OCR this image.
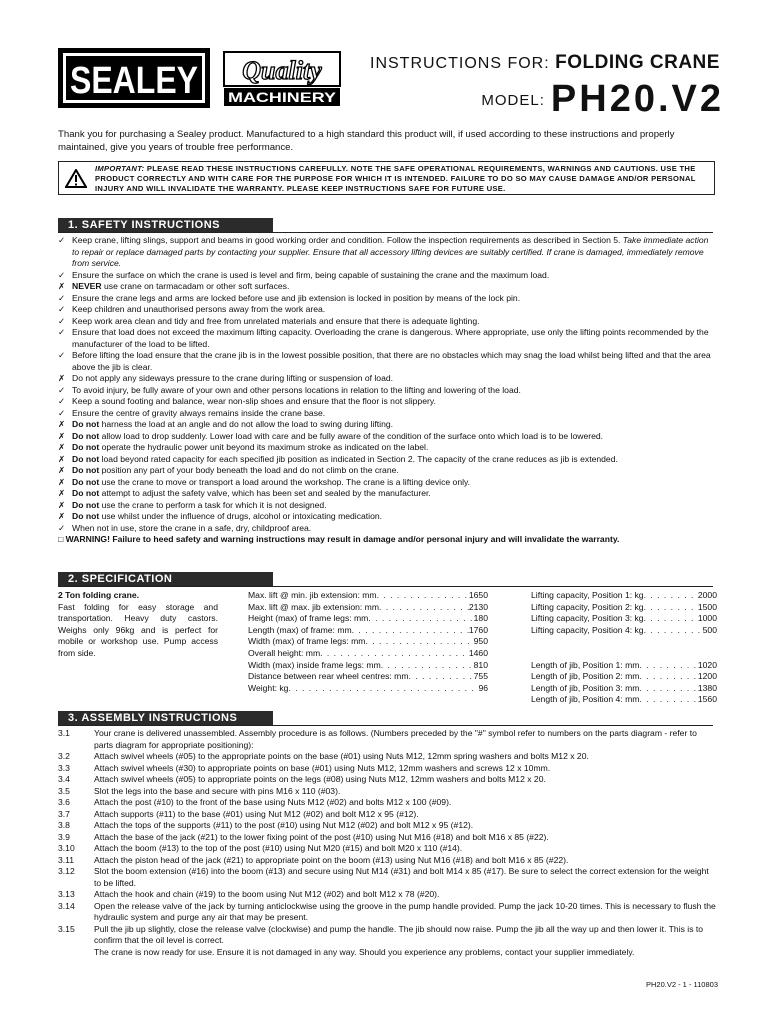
SEALEY Quality
MACHINERY
INSTRUCTIONS FOR: FOLDING CRANE
MODEL: PH20.V2
Thank you for purchasing a Sealey product. Manufactured to a high standard this product will, if used according to these instructions and properly maintained, give you years of trouble free performance.
IMPORTANT: PLEASE READ THESE INSTRUCTIONS CAREFULLY. NOTE THE SAFE OPERATIONAL REQUIREMENTS, WARNINGS AND CAUTIONS. USE THE PRODUCT CORRECTLY AND WITH CARE FOR THE PURPOSE FOR WHICH IT IS INTENDED. FAILURE TO DO SO MAY CAUSE DAMAGE AND/OR PERSONAL INJURY AND WILL INVALIDATE THE WARRANTY. PLEASE KEEP INSTRUCTIONS SAFE FOR FUTURE USE.
1. SAFETY INSTRUCTIONS
✓ Keep crane, lifting slings, support and beams in good working order and condition. Follow the inspection requirements as described in Section 5. Take immediate action to repair or replace damaged parts by contacting your supplier. Ensure that all accessory lifting devices are suitably certified. If crane is damaged, immediately remove from service.
✓ Ensure the surface on which the crane is used is level and firm, being capable of sustaining the crane and the maximum load.
✗ NEVER use crane on tarmacadam or other soft surfaces.
✓ Ensure the crane legs and arms are locked before use and jib extension is locked in position by means of the lock pin.
✓ Keep children and unauthorised persons away from the work area.
✓ Keep work area clean and tidy and free from unrelated materials and ensure that there is adequate lighting.
✓ Ensure that load does not exceed the maximum lifting capacity. Overloading the crane is dangerous. Where appropriate, use only the lifting points recommended by the manufacturer of the load to be lifted.
✓ Before lifting the load ensure that the crane jib is in the lowest possible position, that there are no obstacles which may snag the load whilst being lifted and that the area above the jib is clear.
✗ Do not apply any sideways pressure to the crane during lifting or suspension of load.
✓ To avoid injury, be fully aware of your own and other persons locations in relation to the lifting and lowering of the load.
✓ Keep a sound footing and balance, wear non-slip shoes and ensure that the floor is not slippery.
✓ Ensure the centre of gravity always remains inside the crane base.
✗ Do not harness the load at an angle and do not allow the load to swing during lifting.
✗ Do not allow load to drop suddenly. Lower load with care and be fully aware of the condition of the surface onto which load is to be lowered.
✗ Do not operate the hydraulic power unit beyond its maximum stroke as indicated on the label.
✗ Do not load beyond rated capacity for each specified jib position as indicated in Section 2. The capacity of the crane reduces as jib is extended.
✗ Do not position any part of your body beneath the load and do not climb on the crane.
✗ Do not use the crane to move or transport a load around the workshop. The crane is a lifting device only.
✗ Do not attempt to adjust the safety valve, which has been set and sealed by the manufacturer.
✗ Do not use the crane to perform a task for which it is not designed.
✗ Do not use whilst under the influence of drugs, alcohol or intoxicating medication.
✓ When not in use, store the crane in a safe, dry, childproof area.
□ WARNING! Failure to heed safety and warning instructions may result in damage and/or personal injury and will invalidate the warranty.
2. SPECIFICATION
2 Ton folding crane.
Fast folding for easy storage and transportation. Heavy duty castors. Weighs only 96kg and is perfect for mobile or workshop use. Pump access from side.
Max. lift @ min. jib extension: mm . . .	1650
Max. lift @ max. jib extension: mm . . .	2130
Height (max) of frame legs: mm . . .	180
Length (max) of frame: mm . . .	1760
Width (max) of frame legs: mm . . .	950
Overall height: mm . . .	1460
Width (max) inside frame legs: mm . . .	810
Distance between rear wheel centres: mm . . .	755
Weight: kg . . .	96
Lifting capacity, Position 1: kg . . .	2000
Lifting capacity, Position 2: kg . . .	1500
Lifting capacity, Position 3: kg . . .	1000
Lifting capacity, Position 4: kg . . .	500
Length of jib, Position 1: mm . . .	1020
Length of jib, Position 2: mm . . .	1200
Length of jib, Position 3: mm . . .	1380
Length of jib, Position 4: mm . . .	1560
3. ASSEMBLY INSTRUCTIONS
3.1	Your crane is delivered unassembled. Assembly procedure is as follows. (Numbers preceded by the "#" symbol refer to numbers on the parts diagram - refer to parts diagram for appropriate positioning):
3.2	Attach swivel wheels (#05) to the appropriate points on the base (#01) using Nuts M12, 12mm spring washers and bolts M12 x 20.
3.3	Attach swivel wheels (#30) to appropriate points on base (#01) using Nuts M12, 12mm washers and screws 12 x 10mm.
3.4	Attach swivel wheels (#05) to appropriate points on the legs (#08) using Nuts M12, 12mm washers and bolts M12 x 20.
3.5	Slot the legs into the base and secure with pins M16 x 110 (#03).
3.6	Attach the post (#10) to the front of the base using Nuts M12 (#02) and bolts M12 x 100 (#09).
3.7	Attach supports (#11) to the base (#01) using Nut M12 (#02) and bolt M12 x 95 (#12).
3.8	Attach the tops of the supports (#11) to the post (#10) using Nut M12 (#02) and bolt M12 x 95 (#12).
3.9	Attach the base of the jack (#21) to the lower fixing point of the post (#10) using Nut M16 (#18) and bolt M16 x 85 (#22).
3.10	Attach the boom (#13) to the top of the post (#10) using Nut M20 (#15) and bolt M20 x 110 (#14).
3.11	Attach the piston head of the jack (#21) to appropriate point on the boom (#13) using Nut M16 (#18) and bolt M16 x 85 (#22).
3.12	Slot the boom extension (#16) into the boom (#13) and secure using Nut M14 (#31) and bolt M14 x 85 (#17). Be sure to select the correct extension for the weight to be lifted.
3.13	Attach the hook and chain (#19) to the boom using Nut M12 (#02) and bolt M12 x 78 (#20).
3.14	Open the release valve of the jack by turning anticlockwise using the groove in the pump handle provided. Pump the jack 10-20 times. This is necessary to flush the hydraulic system and purge any air that may be present.
3.15	Pull the jib up slightly, close the release valve (clockwise) and pump the handle. The jib should now raise. Pump the jib all the way up and then lower it. This is to confirm that the oil level is correct.
The crane is now ready for use. Ensure it is not damaged in any way. Should you experience any problems, contact your supplier immediately.
PH20.V2 - 1 - 110803
